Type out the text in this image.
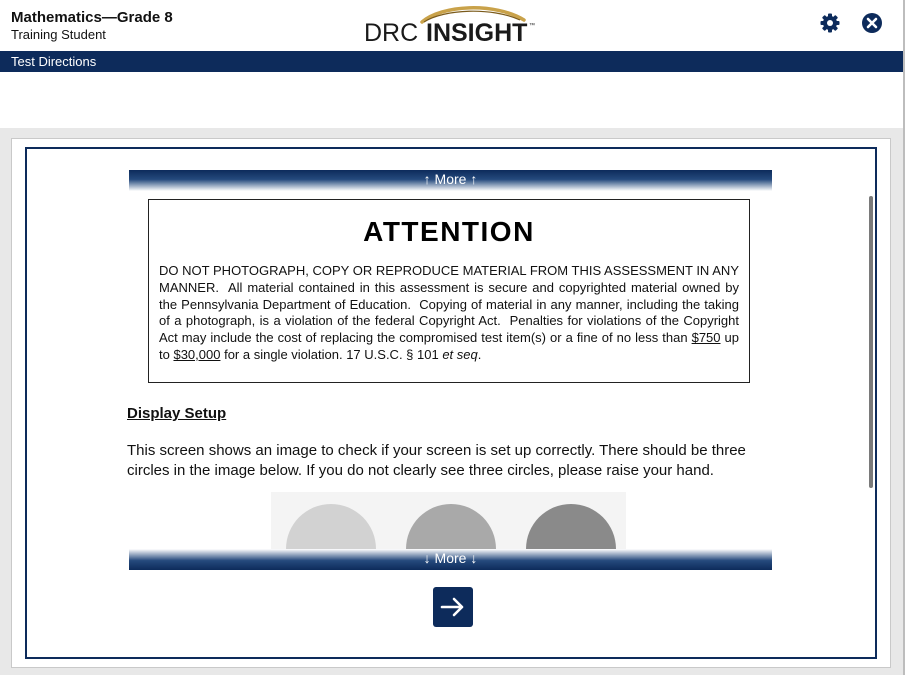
Mathematics—Grade 8
Training Student	DRC INSIGHT ™
Test Directions
↑ More ↑
ATTENTION
DO NOT PHOTOGRAPH, COPY OR REPRODUCE MATERIAL FROM THIS ASSESSMENT IN ANY MANNER.  All material contained in this assessment is secure and copyrighted material owned by the Pennsylvania Department of Education.  Copying of material in any manner, including the taking of a photograph, is a violation of the federal Copyright Act.  Penalties for violations of the Copyright Act may include the cost of replacing the compromised test item(s) or a fine of no less than $750 up to $30,000 for a single violation. 17 U.S.C. § 101 et seq.
Display Setup
This screen shows an image to check if your screen is set up correctly. There should be three circles in the image below. If you do not clearly see three circles, please raise your hand.
↓ More ↓
